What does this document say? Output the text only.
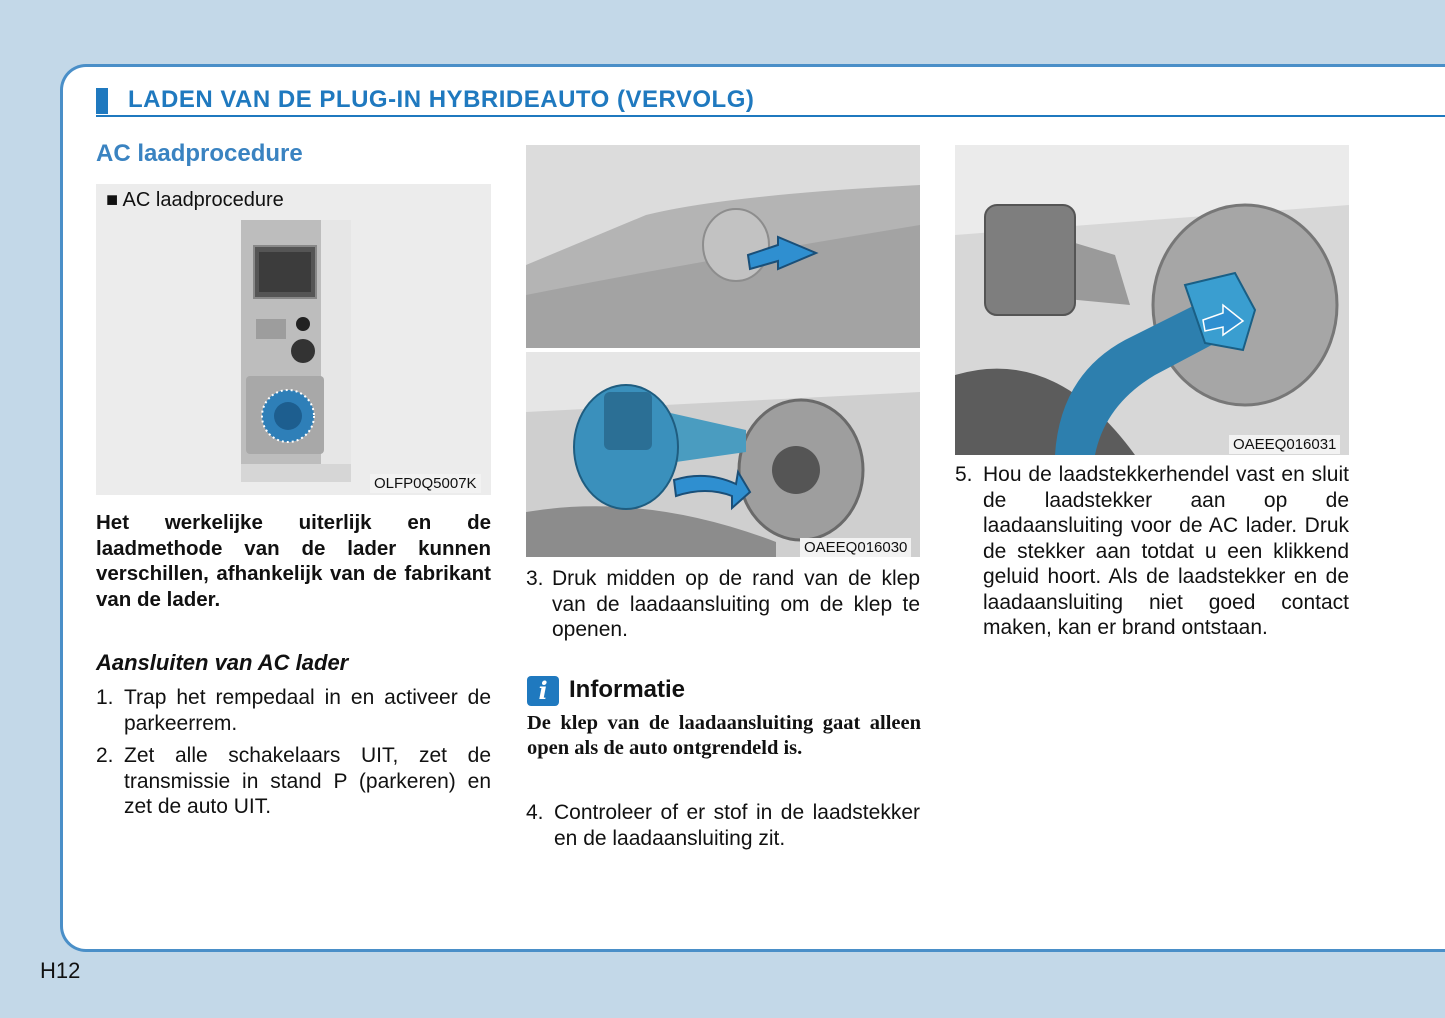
LADEN VAN DE PLUG-IN HYBRIDEAUTO (VERVOLG)
AC laadprocedure
■ AC laadprocedure
OLFP0Q5007K
Het werkelijke uiterlijk en de laadmethode van de lader kunnen verschillen, afhankelijk van de fabrikant van de lader.
Aansluiten van AC lader
1. Trap het rempedaal in en activeer de parkeerrem.
2. Zet alle schakelaars UIT, zet de transmissie in stand P (parkeren) en zet de auto UIT.
OAEEQ016030
3. Druk midden op de rand van de klep van de laadaansluiting om de klep te openen.
i Informatie
De klep van de laadaansluiting gaat alleen open als de auto ontgrendeld is.
4. Controleer of er stof in de laadstekker en de laadaansluiting zit.
OAEEQ016031
5. Hou de laadstekkerhendel vast en sluit de laadstekker aan op de laadaansluiting voor de AC lader. Druk de stekker aan totdat u een klikkend geluid hoort. Als de laadstekker en de laadaansluiting niet goed contact maken, kan er brand ontstaan.
H12
